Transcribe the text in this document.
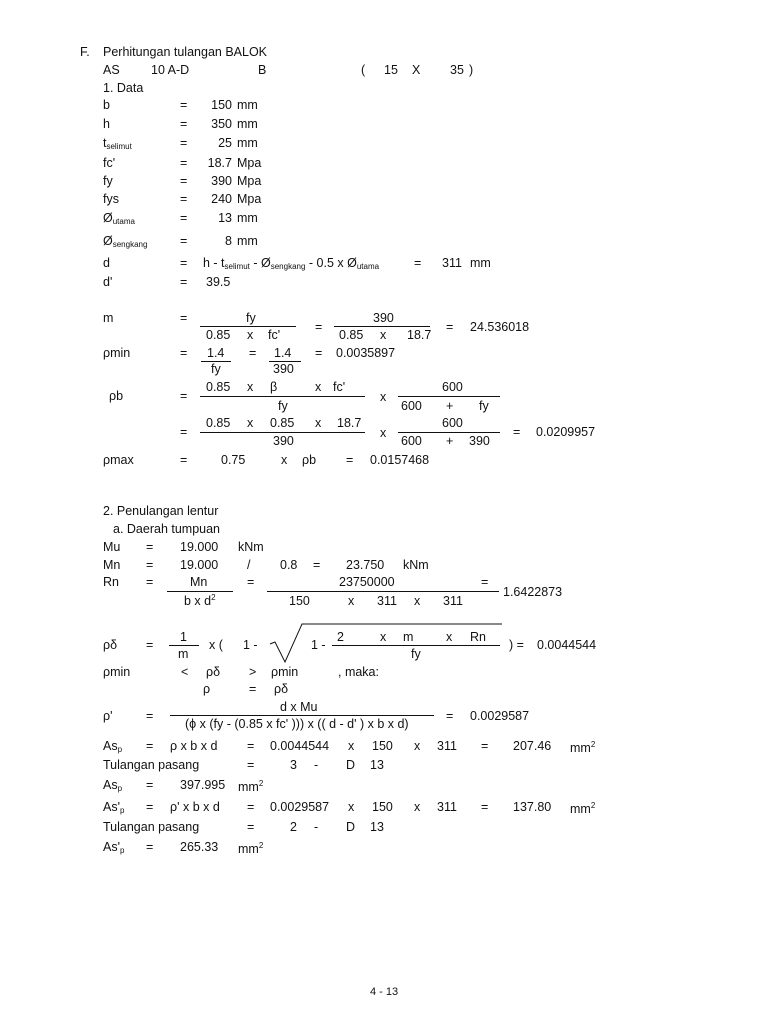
F. Perhitungan tulangan BALOK
AS	10 A-D	B	( 15 X 35 )
1. Data
b	=	150 mm
h	=	350 mm
$t_{selimut}$	=	25 mm
fc'	=	18.7 Mpa
fy	=	390 Mpa
fys	=	240 Mpa
$Ø_{utama}$	=	13 mm
$Ø_{sengkang}$	=	8 mm
d	= h - $t_{selimut}$ - $Ø_{sengkang} - 0.5$ x $Ø_{utama}$	= 311 mm
d'	= 39.5
m	=	fy
0.85 x fc'
=
390
0.85 x 18.7
= 24.536018
ρmin	= 1.4
fy
= 1.4
390
= 0.0035897
ρb	=
0.85 x β	x fc'
fy
x
600
600 + fy
=
0.85 x 0.85 x 18.7
390
x
600
600 + 390
= 0.0209957
ρmax	=	0.75	x ρb = 0.0157468
2. Penulangan lentur
a. Daerah tumpuan
Mu = 19.000 kNm
Mn = 19.000 / 0.8 = 23.750 kNm
Rn =	Mn
b x $d^2$
=	23750000	=
150	x 311 x 311
1.6422873
ρδ =
1
m
x ( 1 -	1 -
2	x m	x Rn
fy
) = 0.0044544
ρmin	< ρδ > ρmin	, maka:
ρ	= ρδ
ρ'	=
d x Mu
(ϕ x (fy - (0.85 x fc' ))) x (( d - d' ) x b x d)
= 0.0029587
$As_p = \rho$ x b x d = 0.0044544 x 150 x 311 = 207.46 $mm^2$
Tulangan pasang	=	3 - D 13
$As_p = 397.995$ $mm^2$
$As'_p = \rho'$ x b x d = 0.0029587 x 150 x 311 = 137.80 $mm^2$
Tulangan pasang	=	2 - D 13
$As'_p = 265.33$ $mm^2$
4 - 13
